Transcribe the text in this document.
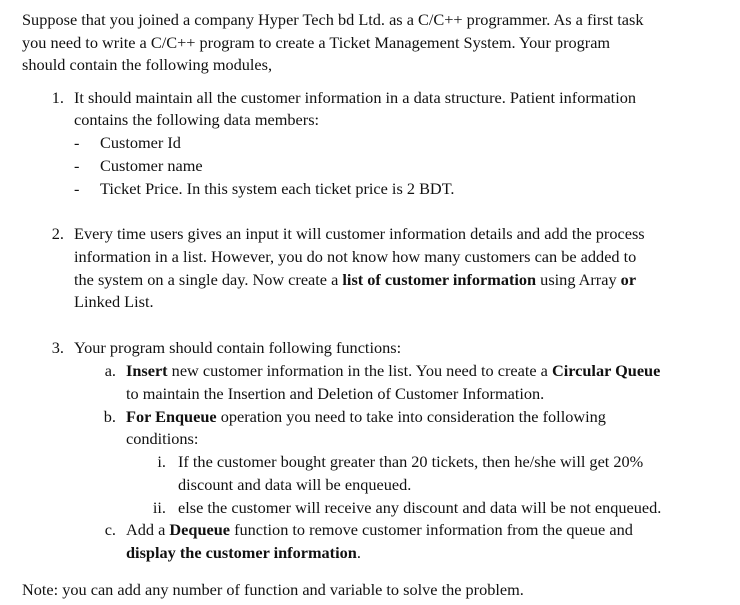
Suppose that you joined a company Hyper Tech bd Ltd. as a C/C++ programmer. As a first task
you need to write a C/C++ program to create a Ticket Management System. Your program
should contain the following modules,
1. It should maintain all the customer information in a data structure. Patient information
contains the following data members:
- Customer Id
- Customer name
- Ticket Price. In this system each ticket price is 2 BDT.
2. Every time users gives an input it will customer information details and add the process
information in a list. However, you do not know how many customers can be added to
the system on a single day. Now create a list of customer information using Array or
Linked List.
3. Your program should contain following functions:
a. Insert new customer information in the list. You need to create a Circular Queue
to maintain the Insertion and Deletion of Customer Information.
b. For Enqueue operation you need to take into consideration the following
conditions:
i. If the customer bought greater than 20 tickets, then he/she will get 20%
discount and data will be enqueued.
ii. else the customer will receive any discount and data will be not enqueued.
c. Add a Dequeue function to remove customer information from the queue and
display the customer information.
Note: you can add any number of function and variable to solve the problem.
